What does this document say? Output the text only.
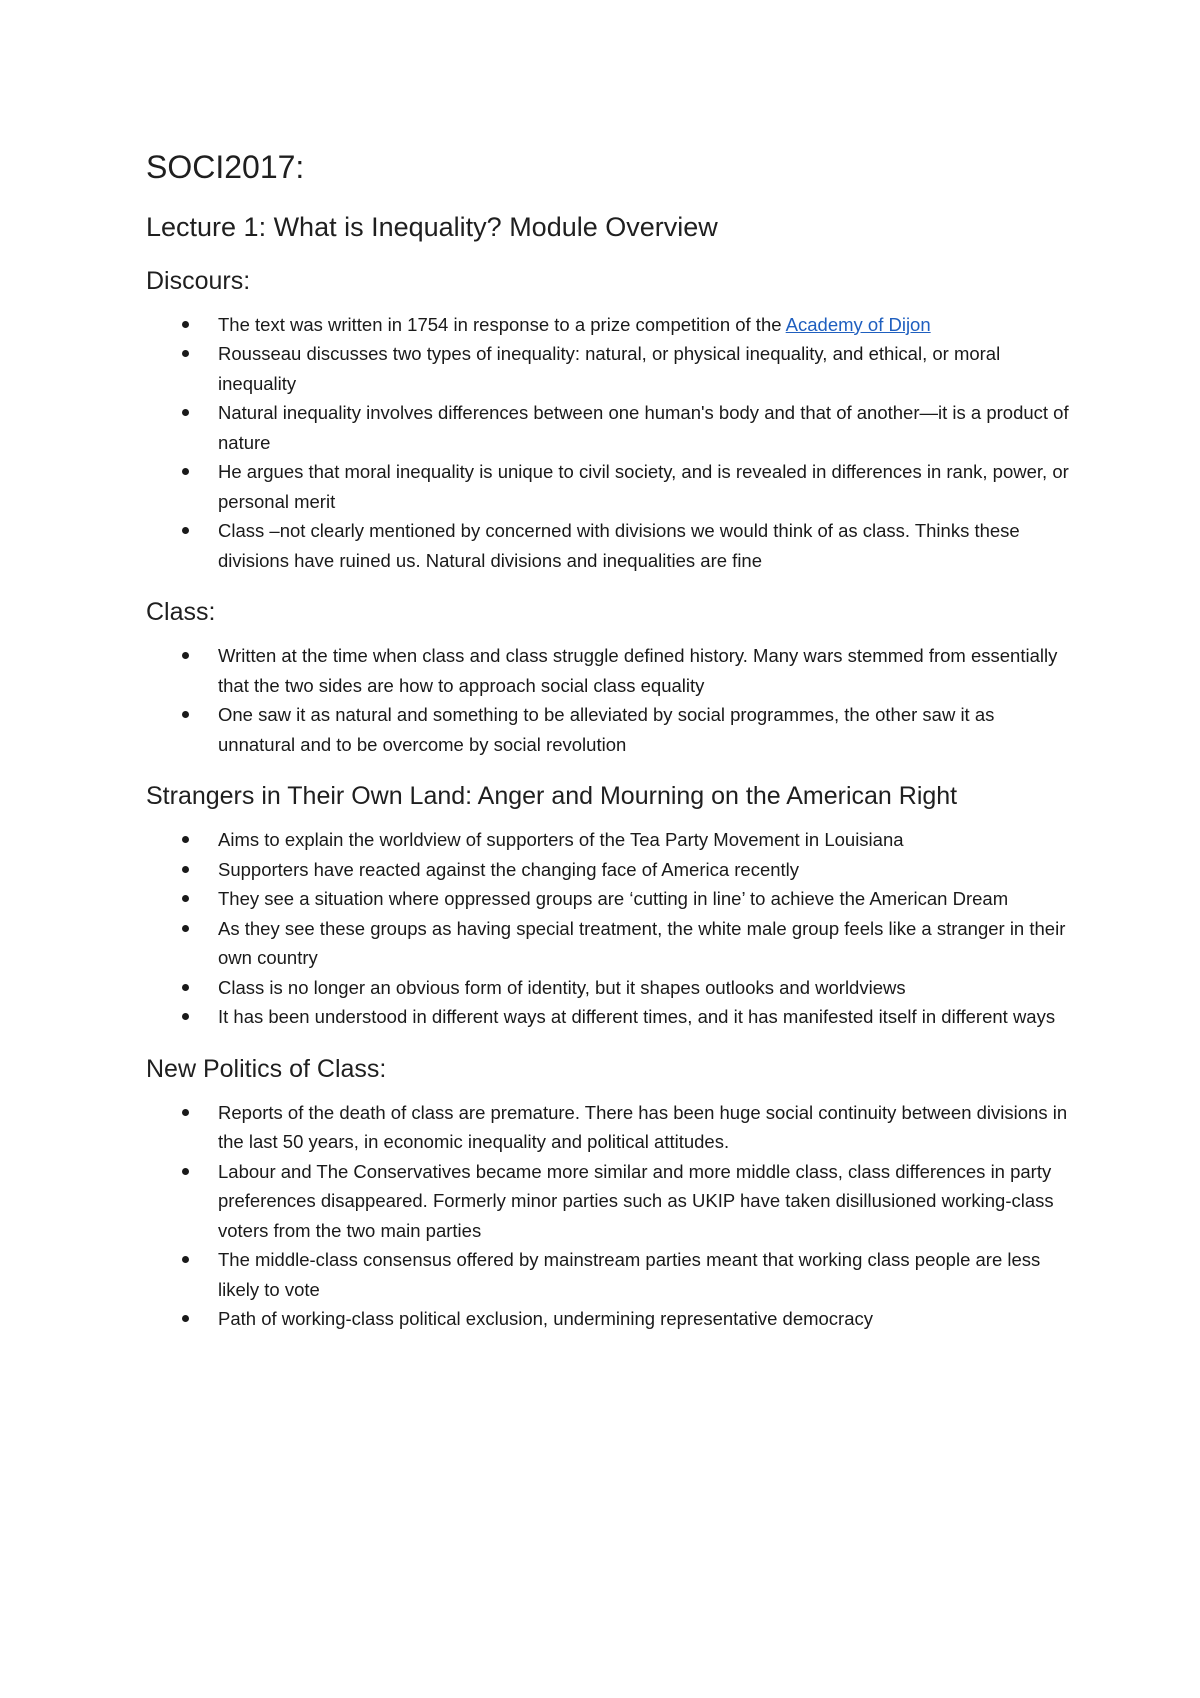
SOCI2017:
Lecture 1: What is Inequality? Module Overview
Discours:
The text was written in 1754 in response to a prize competition of the Academy of Dijon
Rousseau discusses two types of inequality: natural, or physical inequality, and ethical, or moral inequality
Natural inequality involves differences between one human's body and that of another—it is a product of nature
He argues that moral inequality is unique to civil society, and is revealed in differences in rank, power, or personal merit
Class –not clearly mentioned by concerned with divisions we would think of as class. Thinks these divisions have ruined us. Natural divisions and inequalities are fine
Class:
Written at the time when class and class struggle defined history. Many wars stemmed from essentially that the two sides are how to approach social class equality
One saw it as natural and something to be alleviated by social programmes, the other saw it as unnatural and to be overcome by social revolution
Strangers in Their Own Land: Anger and Mourning on the American Right
Aims to explain the worldview of supporters of the Tea Party Movement in Louisiana
Supporters have reacted against the changing face of America recently
They see a situation where oppressed groups are ‘cutting in line’ to achieve the American Dream
As they see these groups as having special treatment, the white male group feels like a stranger in their own country
Class is no longer an obvious form of identity, but it shapes outlooks and worldviews
It has been understood in different ways at different times, and it has manifested itself in different ways
New Politics of Class:
Reports of the death of class are premature. There has been huge social continuity between divisions in the last 50 years, in economic inequality and political attitudes.
Labour and The Conservatives became more similar and more middle class, class differences in party preferences disappeared. Formerly minor parties such as UKIP have taken disillusioned working-class voters from the two main parties
The middle-class consensus offered by mainstream parties meant that working class people are less likely to vote
Path of working-class political exclusion, undermining representative democracy
